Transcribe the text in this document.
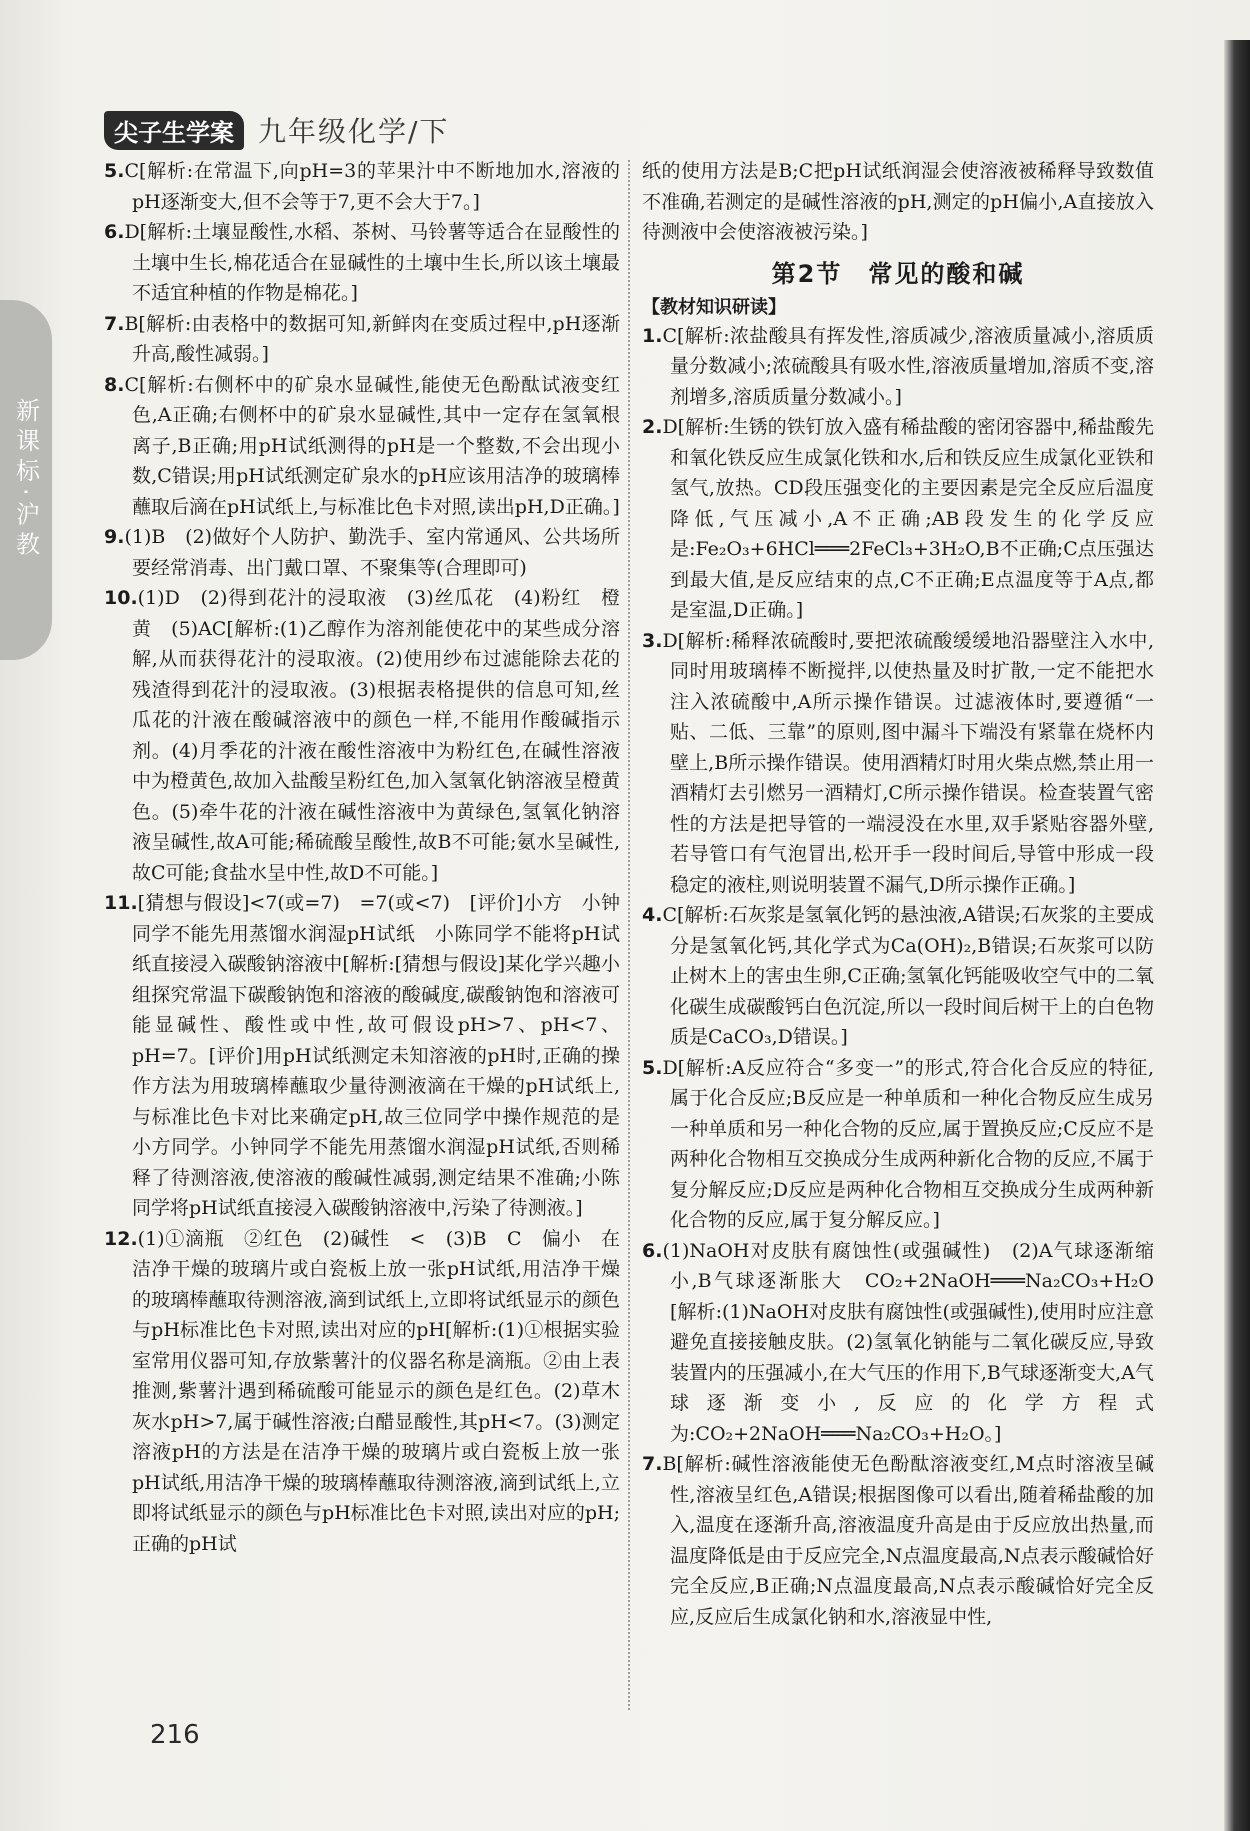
新课标·沪教
尖子生学案 九年级化学/下

5.C[解析:在常温下,向pH=3的苹果汁中不断地加水,溶液的pH逐渐变大,但不会等于7,更不会大于7。]

6.D[解析:土壤显酸性,水稻、茶树、马铃薯等适合在显酸性的土壤中生长,棉花适合在显碱性的土壤中生长,所以该土壤最不适宜种植的作物是棉花。]

7.B[解析:由表格中的数据可知,新鲜肉在变质过程中,pH逐渐升高,酸性减弱。]

8.C[解析:右侧杯中的矿泉水显碱性,能使无色酚酞试液变红色,A正确;右侧杯中的矿泉水显碱性,其中一定存在氢氧根离子,B正确;用pH试纸测得的pH是一个整数,不会出现小数,C错误;用pH试纸测定矿泉水的pH应该用洁净的玻璃棒蘸取后滴在pH试纸上,与标准比色卡对照,读出pH,D正确。]

9.(1)B　(2)做好个人防护、勤洗手、室内常通风、公共场所要经常消毒、出门戴口罩、不聚集等(合理即可)

10.(1)D　(2)得到花汁的浸取液　(3)丝瓜花　(4)粉红　橙黄　(5)AC[解析:(1)乙醇作为溶剂能使花中的某些成分溶解,从而获得花汁的浸取液。(2)使用纱布过滤能除去花的残渣得到花汁的浸取液。(3)根据表格提供的信息可知,丝瓜花的汁液在酸碱溶液中的颜色一样,不能用作酸碱指示剂。(4)月季花的汁液在酸性溶液中为粉红色,在碱性溶液中为橙黄色,故加入盐酸呈粉红色,加入氢氧化钠溶液呈橙黄色。(5)牵牛花的汁液在碱性溶液中为黄绿色,氢氧化钠溶液呈碱性,故A可能;稀硫酸呈酸性,故B不可能;氨水呈碱性,故C可能;食盐水呈中性,故D不可能。]

11.[猜想与假设]<7(或=7)　=7(或<7)　[评价]小方　小钟同学不能先用蒸馏水润湿pH试纸　小陈同学不能将pH试纸直接浸入碳酸钠溶液中[解析:[猜想与假设]某化学兴趣小组探究常温下碳酸钠饱和溶液的酸碱度,碳酸钠饱和溶液可能显碱性、酸性或中性,故可假设pH>7、pH<7、pH=7。[评价]用pH试纸测定未知溶液的pH时,正确的操作方法为用玻璃棒蘸取少量待测液滴在干燥的pH试纸上,与标准比色卡对比来确定pH,故三位同学中操作规范的是小方同学。小钟同学不能先用蒸馏水润湿pH试纸,否则稀释了待测溶液,使溶液的酸碱性减弱,测定结果不准确;小陈同学将pH试纸直接浸入碳酸钠溶液中,污染了待测液。]

12.(1)①滴瓶　②红色　(2)碱性　<　(3)B　C　偏小　在洁净干燥的玻璃片或白瓷板上放一张pH试纸,用洁净干燥的玻璃棒蘸取待测溶液,滴到试纸上,立即将试纸显示的颜色与pH标准比色卡对照,读出对应的pH[解析:(1)①根据实验室常用仪器可知,存放紫薯汁的仪器名称是滴瓶。②由上表推测,紫薯汁遇到稀硫酸可能显示的颜色是红色。(2)草木灰水pH>7,属于碱性溶液;白醋显酸性,其pH<7。(3)测定溶液pH的方法是在洁净干燥的玻璃片或白瓷板上放一张pH试纸,用洁净干燥的玻璃棒蘸取待测溶液,滴到试纸上,立即将试纸显示的颜色与pH标准比色卡对照,读出对应的pH;正确的pH试

纸的使用方法是B;C把pH试纸润湿会使溶液被稀释导致数值不准确,若测定的是碱性溶液的pH,测定的pH偏小,A直接放入待测液中会使溶液被污染。]

第2节　常见的酸和碱
【教材知识研读】

1.C[解析:浓盐酸具有挥发性,溶质减少,溶液质量减小,溶质质量分数减小;浓硫酸具有吸水性,溶液质量增加,溶质不变,溶剂增多,溶质质量分数减小。]

2.D[解析:生锈的铁钉放入盛有稀盐酸的密闭容器中,稀盐酸先和氧化铁反应生成氯化铁和水,后和铁反应生成氯化亚铁和氢气,放热。CD段压强变化的主要因素是完全反应后温度降低,气压减小,A不正确;AB段发生的化学反应是:Fe₂O₃+6HCl═══2FeCl₃+3H₂O,B不正确;C点压强达到最大值,是反应结束的点,C不正确;E点温度等于A点,都是室温,D正确。]

3.D[解析:稀释浓硫酸时,要把浓硫酸缓缓地沿器壁注入水中,同时用玻璃棒不断搅拌,以使热量及时扩散,一定不能把水注入浓硫酸中,A所示操作错误。过滤液体时,要遵循“一贴、二低、三靠”的原则,图中漏斗下端没有紧靠在烧杯内壁上,B所示操作错误。使用酒精灯时用火柴点燃,禁止用一酒精灯去引燃另一酒精灯,C所示操作错误。检查装置气密性的方法是把导管的一端浸没在水里,双手紧贴容器外壁,若导管口有气泡冒出,松开手一段时间后,导管中形成一段稳定的液柱,则说明装置不漏气,D所示操作正确。]

4.C[解析:石灰浆是氢氧化钙的悬浊液,A错误;石灰浆的主要成分是氢氧化钙,其化学式为Ca(OH)₂,B错误;石灰浆可以防止树木上的害虫生卵,C正确;氢氧化钙能吸收空气中的二氧化碳生成碳酸钙白色沉淀,所以一段时间后树干上的白色物质是CaCO₃,D错误。]

5.D[解析:A反应符合“多变一”的形式,符合化合反应的特征,属于化合反应;B反应是一种单质和一种化合物反应生成另一种单质和另一种化合物的反应,属于置换反应;C反应不是两种化合物相互交换成分生成两种新化合物的反应,不属于复分解反应;D反应是两种化合物相互交换成分生成两种新化合物的反应,属于复分解反应。]

6.(1)NaOH对皮肤有腐蚀性(或强碱性)　(2)A气球逐渐缩小,B气球逐渐胀大　CO₂+2NaOH═══Na₂CO₃+H₂O　[解析:(1)NaOH对皮肤有腐蚀性(或强碱性),使用时应注意避免直接接触皮肤。(2)氢氧化钠能与二氧化碳反应,导致装置内的压强减小,在大气压的作用下,B气球逐渐变大,A气球逐渐变小,反应的化学方程式为:CO₂+2NaOH═══Na₂CO₃+H₂O。]

7.B[解析:碱性溶液能使无色酚酞溶液变红,M点时溶液呈碱性,溶液呈红色,A错误;根据图像可以看出,随着稀盐酸的加入,温度在逐渐升高,溶液温度升高是由于反应放出热量,而温度降低是由于反应完全,N点温度最高,N点表示酸碱恰好完全反应,B正确;N点温度最高,N点表示酸碱恰好完全反应,反应后生成氯化钠和水,溶液显中性,

216
